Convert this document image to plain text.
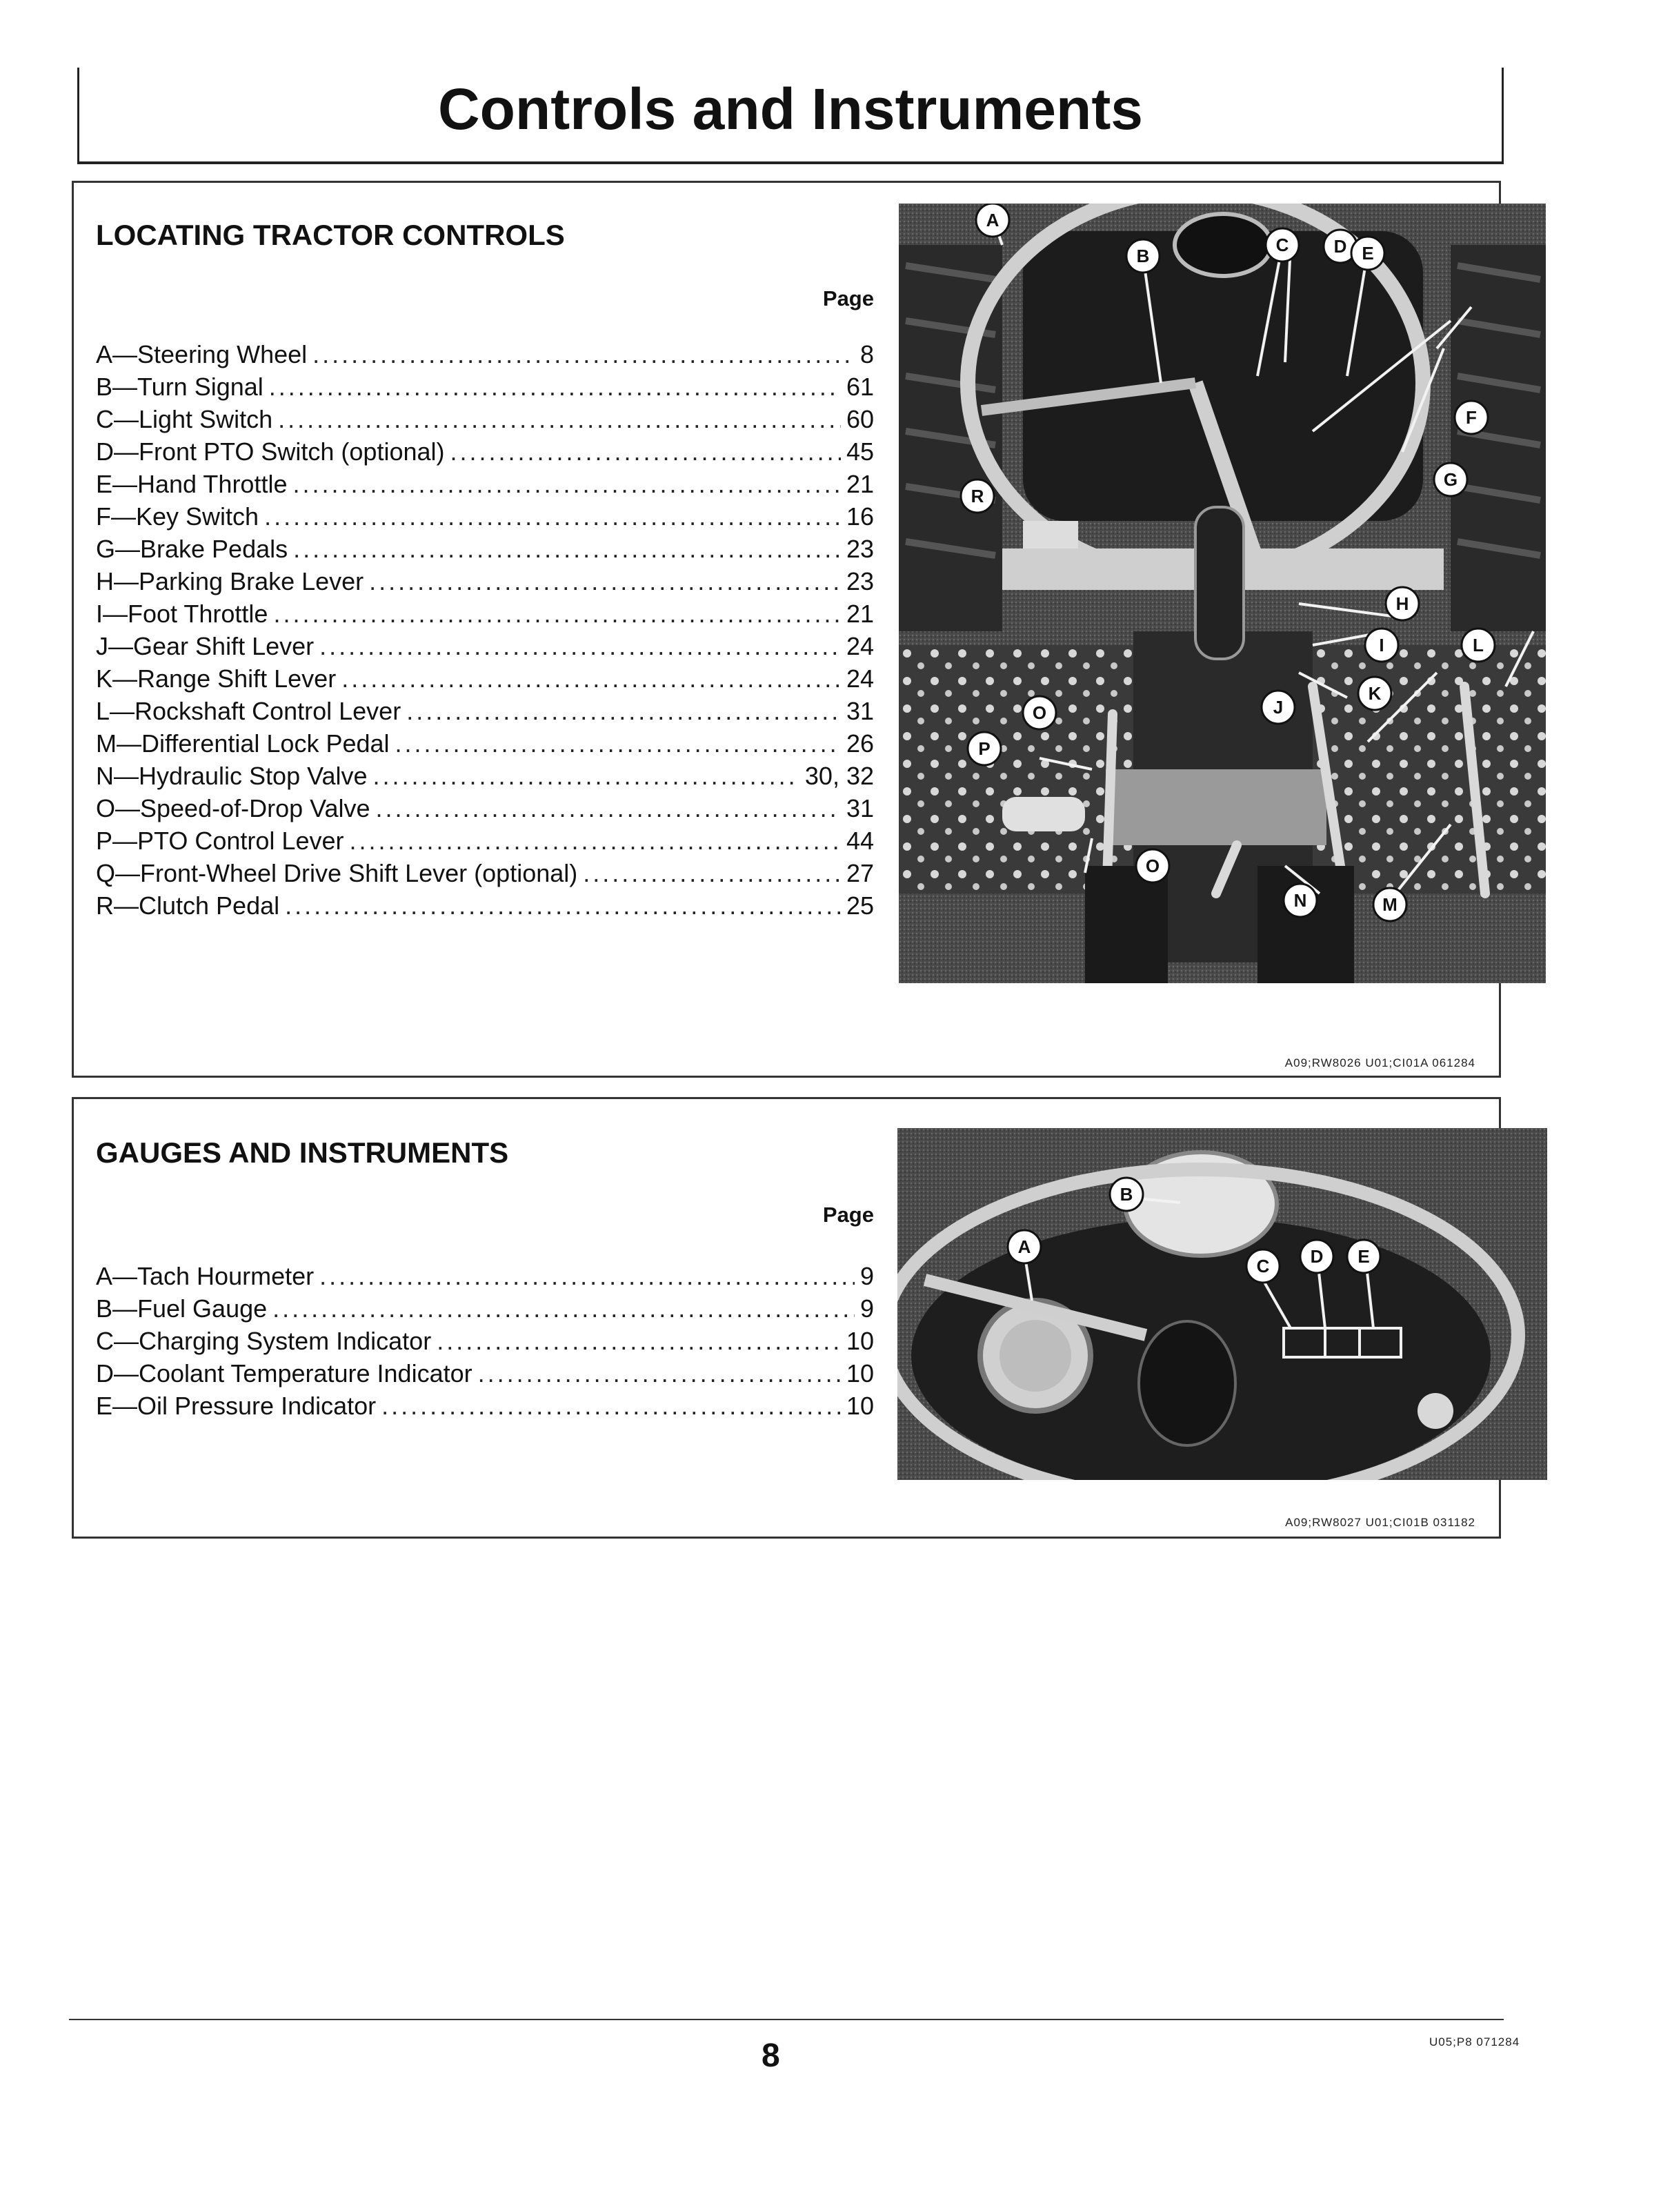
Controls and Instruments
LOCATING TRACTOR CONTROLS
Page
A—Steering Wheel .....	8
B—Turn Signal .....	61
C—Light Switch .....	60
D—Front PTO Switch (optional) .....	45
E—Hand Throttle .....	21
F—Key Switch .....	16
G—Brake Pedals .....	23
H—Parking Brake Lever .....	23
I—Foot Throttle .....	21
J—Gear Shift Lever .....	24
K—Range Shift Lever .....	24
L—Rockshaft Control Lever .....	31
M—Differential Lock Pedal .....	26
N—Hydraulic Stop Valve .....	30, 32
O—Speed-of-Drop Valve .....	31
P—PTO Control Lever .....	44
Q—Front-Wheel Drive Shift Lever (optional) .....	27
R—Clutch Pedal .....	25
A
B
C	D E
F
G
H
I
J
K
L
M
N
O
O
P
R
A09;RW8026 U01;CI01A 061284
GAUGES AND INSTRUMENTS
Page
A—Tach Hourmeter .....	9
B—Fuel Gauge .....	9
C—Charging System Indicator .....	10
D—Coolant Temperature Indicator .....	10
E—Oil Pressure Indicator .....	10
A
B
C D E
A09;RW8027 U01;CI01B 031182
8	U05;P8 071284
